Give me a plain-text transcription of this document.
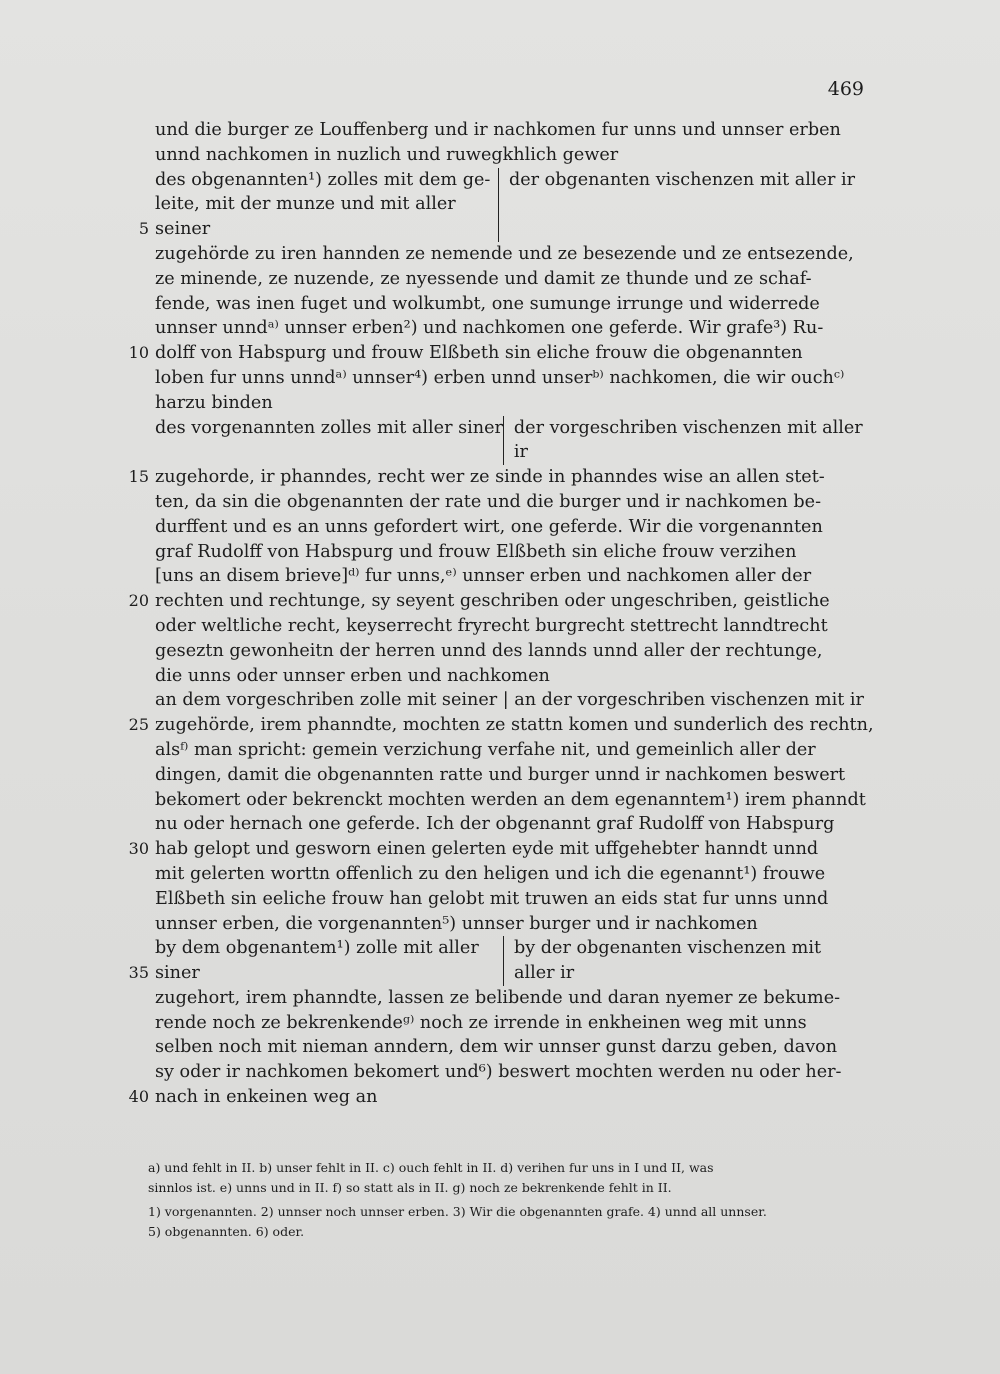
469
und die burger ze Louffenberg und ir nachkomen fur unns und unnser erben
unnd nachkomen in nuzlich und ruwegkhlich gewer
des obgenannten¹) zolles mit dem ge-
leite, mit der munze und mit aller
5 seiner
der obgenanten vischenzen mit aller ir
zugehörde zu iren hannden ze nemende und ze besezende und ze entsezende,
ze minende, ze nuzende, ze nyessende und damit ze thunde und ze schaf-
fende, was inen fuget und wolkumbt, one sumunge irrunge und widerrede
unnser unndᵃ⁾ unnser erben²) und nachkomen one geferde. Wir grafe³) Ru-
10 dolff von Habspurg und frouw Elßbeth sin eliche frouw die obgenannten
loben fur unns unndᵃ⁾ unnser⁴) erben unnd unserᵇ⁾ nachkomen, die wir ouchᶜ⁾
harzu binden
des vorgenannten zolles mit aller siner der vorgeschriben vischenzen mit aller
ir
15 zugehorde, ir phanndes, recht wer ze sinde in phanndes wise an allen stet-
ten, da sin die obgenannten der rate und die burger und ir nachkomen be-
durffent und es an unns gefordert wirt, one geferde. Wir die vorgenannten
graf Rudolff von Habspurg und frouw Elßbeth sin eliche frouw verzihen
[uns an disem brieve]ᵈ⁾ fur unns,ᵉ⁾ unnser erben und nachkomen aller der
20 rechten und rechtunge, sy seyent geschriben oder ungeschriben, geistliche
oder weltliche recht, keyserrecht fryrecht burgrecht stettrecht lanndtrecht
geseztn gewonheitn der herren unnd des lannds unnd aller der rechtunge,
die unns oder unnser erben und nachkomen
an dem vorgeschriben zolle mit seiner | an der vorgeschriben vischenzen mit ir
25 zugehörde, irem phanndte, mochten ze stattn komen und sunderlich des rechtn,
alsᶠ⁾ man spricht: gemein verzichung verfahe nit, und gemeinlich aller der
dingen, damit die obgenannten ratte und burger unnd ir nachkomen beswert
bekomert oder bekrenckt mochten werden an dem egenanntem¹) irem phanndt
nu oder hernach one geferde. Ich der obgenannt graf Rudolff von Habspurg
30 hab gelopt und gesworn einen gelerten eyde mit uffgehebter hanndt unnd
mit gelerten worttn offenlich zu den heligen und ich die egenannt¹) frouwe
Elßbeth sin eeliche frouw han gelobt mit truwen an eids stat fur unns unnd
unnser erben, die vorgenannten⁵) unnser burger und ir nachkomen
by dem obgenantem¹) zolle mit aller
35 siner
by der obgenanten vischenzen mit
aller ir
zugehort, irem phanndte, lassen ze belibende und daran nyemer ze bekume-
rende noch ze bekrenkendeᵍ⁾ noch ze irrende in enkheinen weg mit unns
selben noch mit nieman anndern, dem wir unnser gunst darzu geben, davon
sy oder ir nachkomen bekomert und⁶) beswert mochten werden nu oder her-
40 nach in enkeinen weg an
a) und fehlt in II. b) unser fehlt in II. c) ouch fehlt in II. d) verihen fur uns in I und II, was
sinnlos ist. e) unns und in II. f) so statt als in II. g) noch ze bekrenkende fehlt in II.
1) vorgenannten. 2) unnser noch unnser erben. 3) Wir die obgenannten grafe. 4) unnd all unnser.
5) obgenannten. 6) oder.
